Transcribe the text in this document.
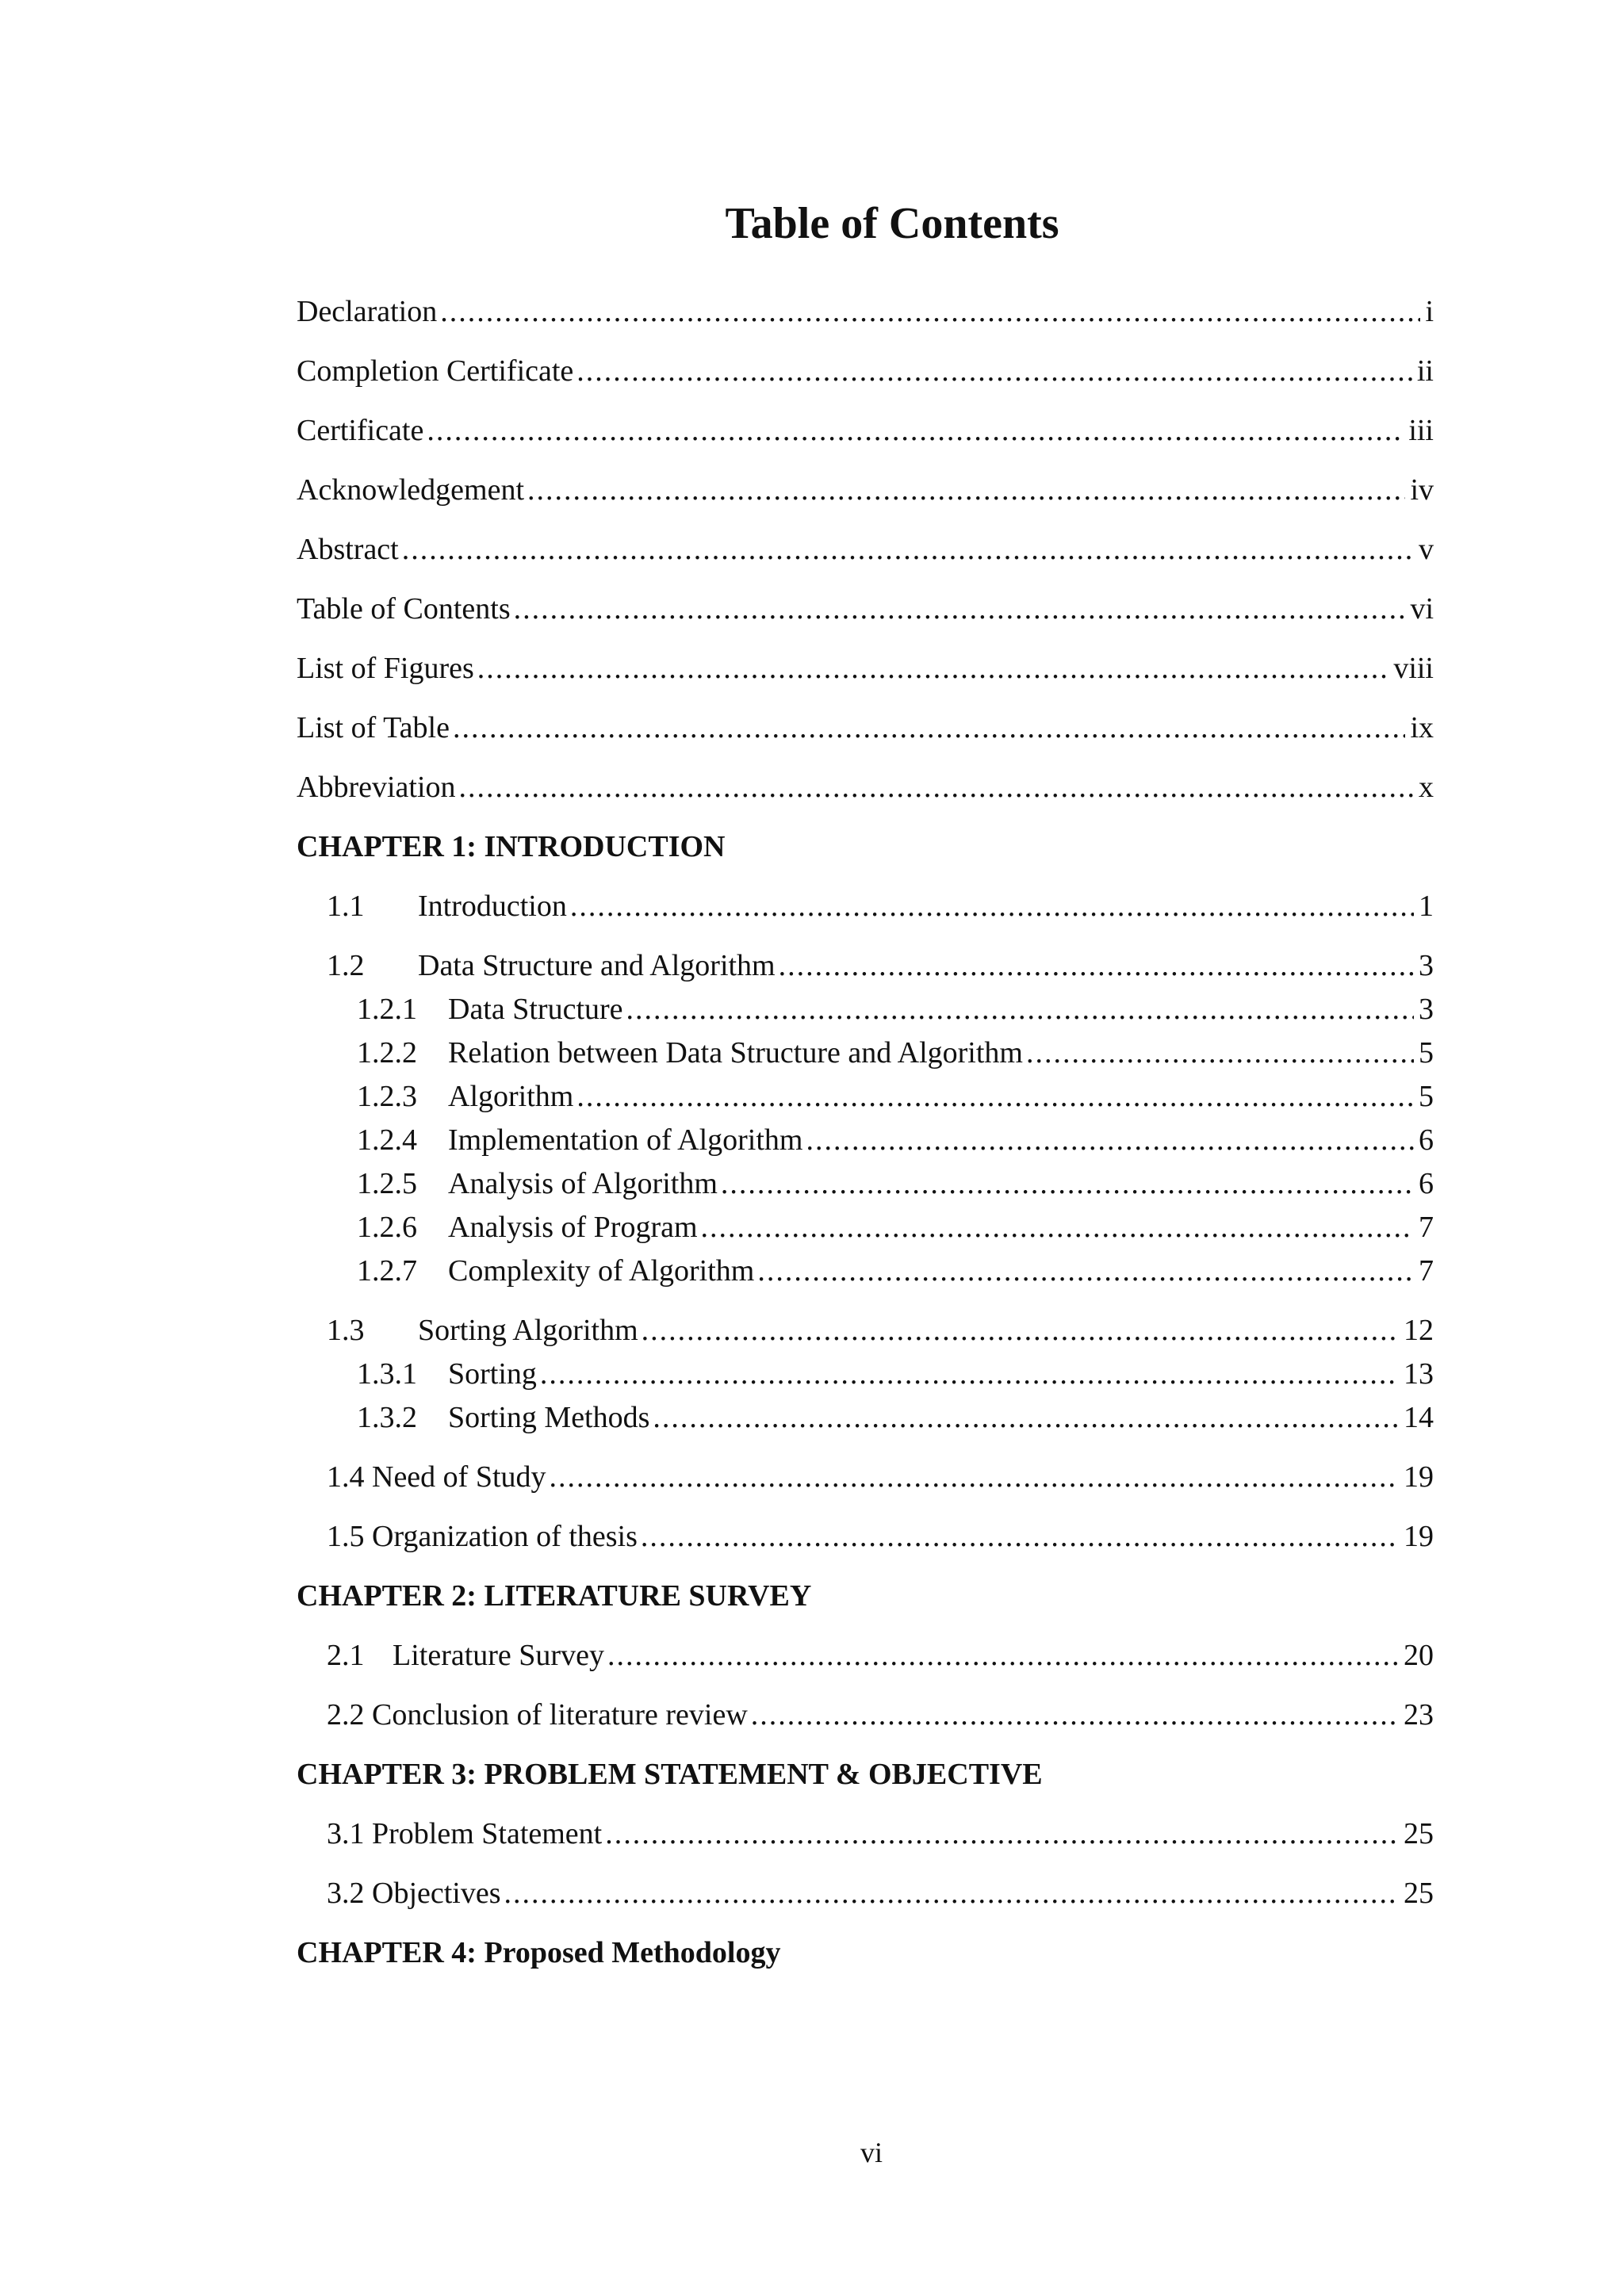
Table of Contents
Declaration .....	i
Completion Certificate .....	ii
Certificate .....	iii
Acknowledgement .....	iv
Abstract .....	v
Table of Contents .....	vi
List of Figures .....	viii
List of Table .....	ix
Abbreviation .....	x
CHAPTER 1: INTRODUCTION
1.1	Introduction .....	1
1.2	Data Structure and Algorithm .....	3
1.2.1	Data Structure .....	3
1.2.2	Relation between Data Structure and Algorithm .....	5
1.2.3	Algorithm .....	5
1.2.4	Implementation of Algorithm .....	6
1.2.5	Analysis of Algorithm .....	6
1.2.6	Analysis of Program .....	7
1.2.7	Complexity of Algorithm .....	7
1.3	Sorting Algorithm .....	12
1.3.1	Sorting .....	13
1.3.2	Sorting Methods .....	14
1.4 Need of Study .....	19
1.5 Organization of thesis .....	19
CHAPTER 2: LITERATURE SURVEY
2.1 Literature Survey .....	20
2.2 Conclusion of literature review .....	23
CHAPTER 3: PROBLEM STATEMENT & OBJECTIVE
3.1 Problem Statement .....	25
3.2 Objectives .....	25
CHAPTER 4: Proposed Methodology
vi
